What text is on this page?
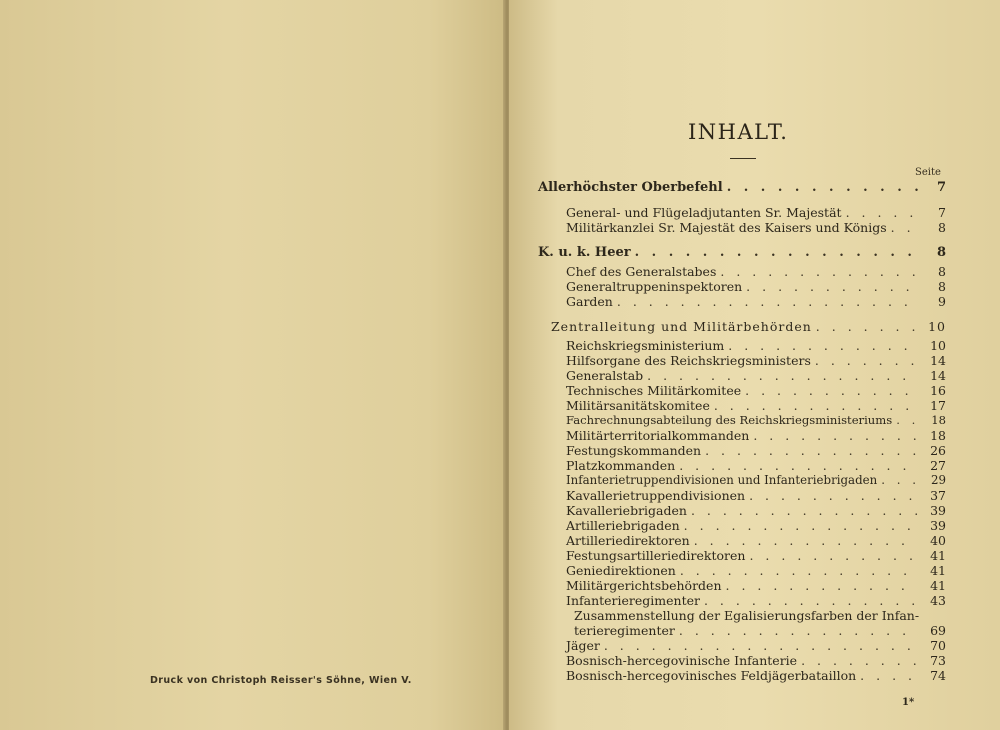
Druck von Christoph Reisser's Söhne, Wien V.
INHALT.
Seite
Allerhöchster Oberbefehl . . .	7
General- und Flügeladjutanten Sr. Majestät . . .	7
Militärkanzlei Sr. Majestät des Kaisers und Königs . . .	8
K. u. k. Heer . . .	8
Chef des Generalstabes . . .	8
Generaltruppeninspektoren . . .	8
Garden . . .	9
Zentralleitung und Militärbehörden . . .	10
Reichskriegsministerium . . .	10
Hilfsorgane des Reichskriegsministers . . .	14
Generalstab . . .	14
Technisches Militärkomitee . . .	16
Militärsanitätskomitee . . .	17
Fachrechnungsabteilung des Reichskriegsministeriums . . .	18
Militärterritorialkommanden . . .	18
Festungskommanden . . .	26
Platzkommanden . . .	27
Infanterietruppendivisionen und Infanteriebrigaden . . .	29
Kavallerietruppendivisionen . . .	37
Kavalleriebrigaden . . .	39
Artilleriebrigaden . . .	39
Artilleriedirektoren . . .	40
Festungsartilleriedirektoren . . .	41
Geniedirektionen . . .	41
Militärgerichtsbehörden . . .	41
Infanterieregimenter . . .	43
Zusammenstellung der Egalisierungsfarben der Infan-
terieregimenter . . .	69
Jäger . . .	70
Bosnisch-hercegovinische Infanterie . . .	73
Bosnisch-hercegovinisches Feldjägerbataillon . . .	74
1*
